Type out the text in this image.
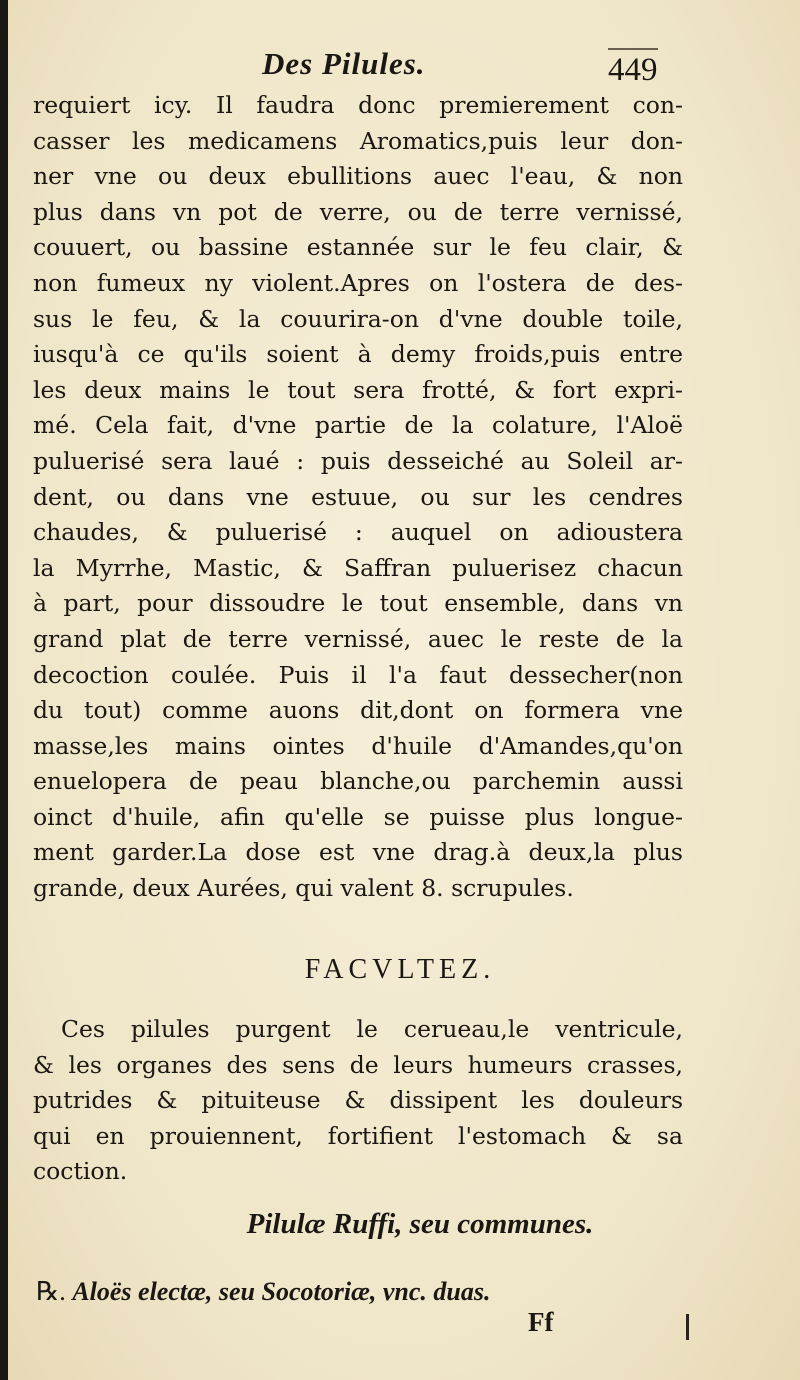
Des Pilules.	449
requiert icy. Il faudra donc premierement con-
casser les medicamens Aromatics,puis leur don-
ner vne ou deux ebullitions auec l'eau, & non
plus dans vn pot de verre, ou de terre vernissé,
couuert, ou bassine estannée sur le feu clair, &
non fumeux ny violent.Apres on l'ostera de des-
sus le feu, & la couurira-on d'vne double toile,
iusqu'à ce qu'ils soient à demy froids,puis entre
les deux mains le tout sera frotté, & fort expri-
mé. Cela fait, d'vne partie de la colature, l'Aloë
puluerisé sera laué : puis desseiché au Soleil ar-
dent, ou dans vne estuue, ou sur les cendres
chaudes, & puluerisé : auquel on adioustera
la Myrrhe, Mastic, & Saffran puluerisez chacun
à part, pour dissoudre le tout ensemble, dans vn
grand plat de terre vernissé, auec le reste de la
decoction coulée. Puis il l'a faut dessecher(non
du tout) comme auons dit,dont on formera vne
masse,les mains ointes d'huile d'Amandes,qu'on
enuelopera de peau blanche,ou parchemin aussi
oinct d'huile, afin qu'elle se puisse plus longue-
ment garder.La dose est vne drag.à deux,la plus
grande, deux Aurées, qui valent 8. scrupules.
FACVLTEZ.
Ces pilules purgent le cerueau,le ventricule,
& les organes des sens de leurs humeurs crasses,
putrides & pituiteuse & dissipent les douleurs
qui en prouiennent, fortifient l'estomach & sa
coction.
Pilulæ Ruffi, seu communes.
℞. Aloës electæ, seu Socotoriæ, vnc. duas.
Ff
